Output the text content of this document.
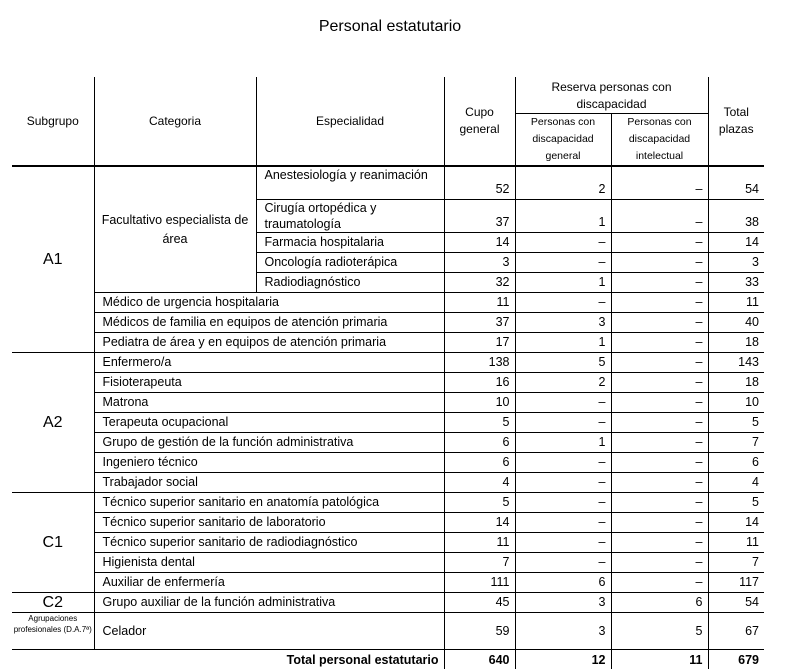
Personal estatutario
Subgrupo	Categoria	Especialidad	Cupo general	Reserva personas con discapacidad		Total plazas
				Personas con discapacidad general	Personas con discapacidad intelectual	
A1	Facultativo especialista de área	Anestesiología y reanimación	52	2	–	54
		Cirugía ortopédica y traumatología	37	1	–	38
		Farmacia hospitalaria	14	–	–	14
		Oncología radioterápica	3	–	–	3
		Radiodiagnóstico	32	1	–	33
	Médico de urgencia hospitalaria		11	–	–	11
	Médicos de familia en equipos de atención primaria		37	3	–	40
	Pediatra de área y en equipos de atención primaria		17	1	–	18
A2	Enfermero/a		138	5	–	143
	Fisioterapeuta		16	2	–	18
	Matrona		10	–	–	10
	Terapeuta ocupacional		5	–	–	5
	Grupo de gestión de la función administrativa		6	1	–	7
	Ingeniero técnico		6	–	–	6
	Trabajador social		4	–	–	4
C1	Técnico superior sanitario en anatomía patológica		5	–	–	5
	Técnico superior sanitario de laboratorio		14	–	–	14
	Técnico superior sanitario de radiodiagnóstico		11	–	–	11
	Higienista dental		7	–	–	7
	Auxiliar de enfermería		111	6	–	117
C2	Grupo auxiliar de la función administrativa		45	3	6	54
Agrupaciones profesionales (D.A.7ª)	Celador		59	3	5	67
	Total personal estatutario		640	12	11	679
